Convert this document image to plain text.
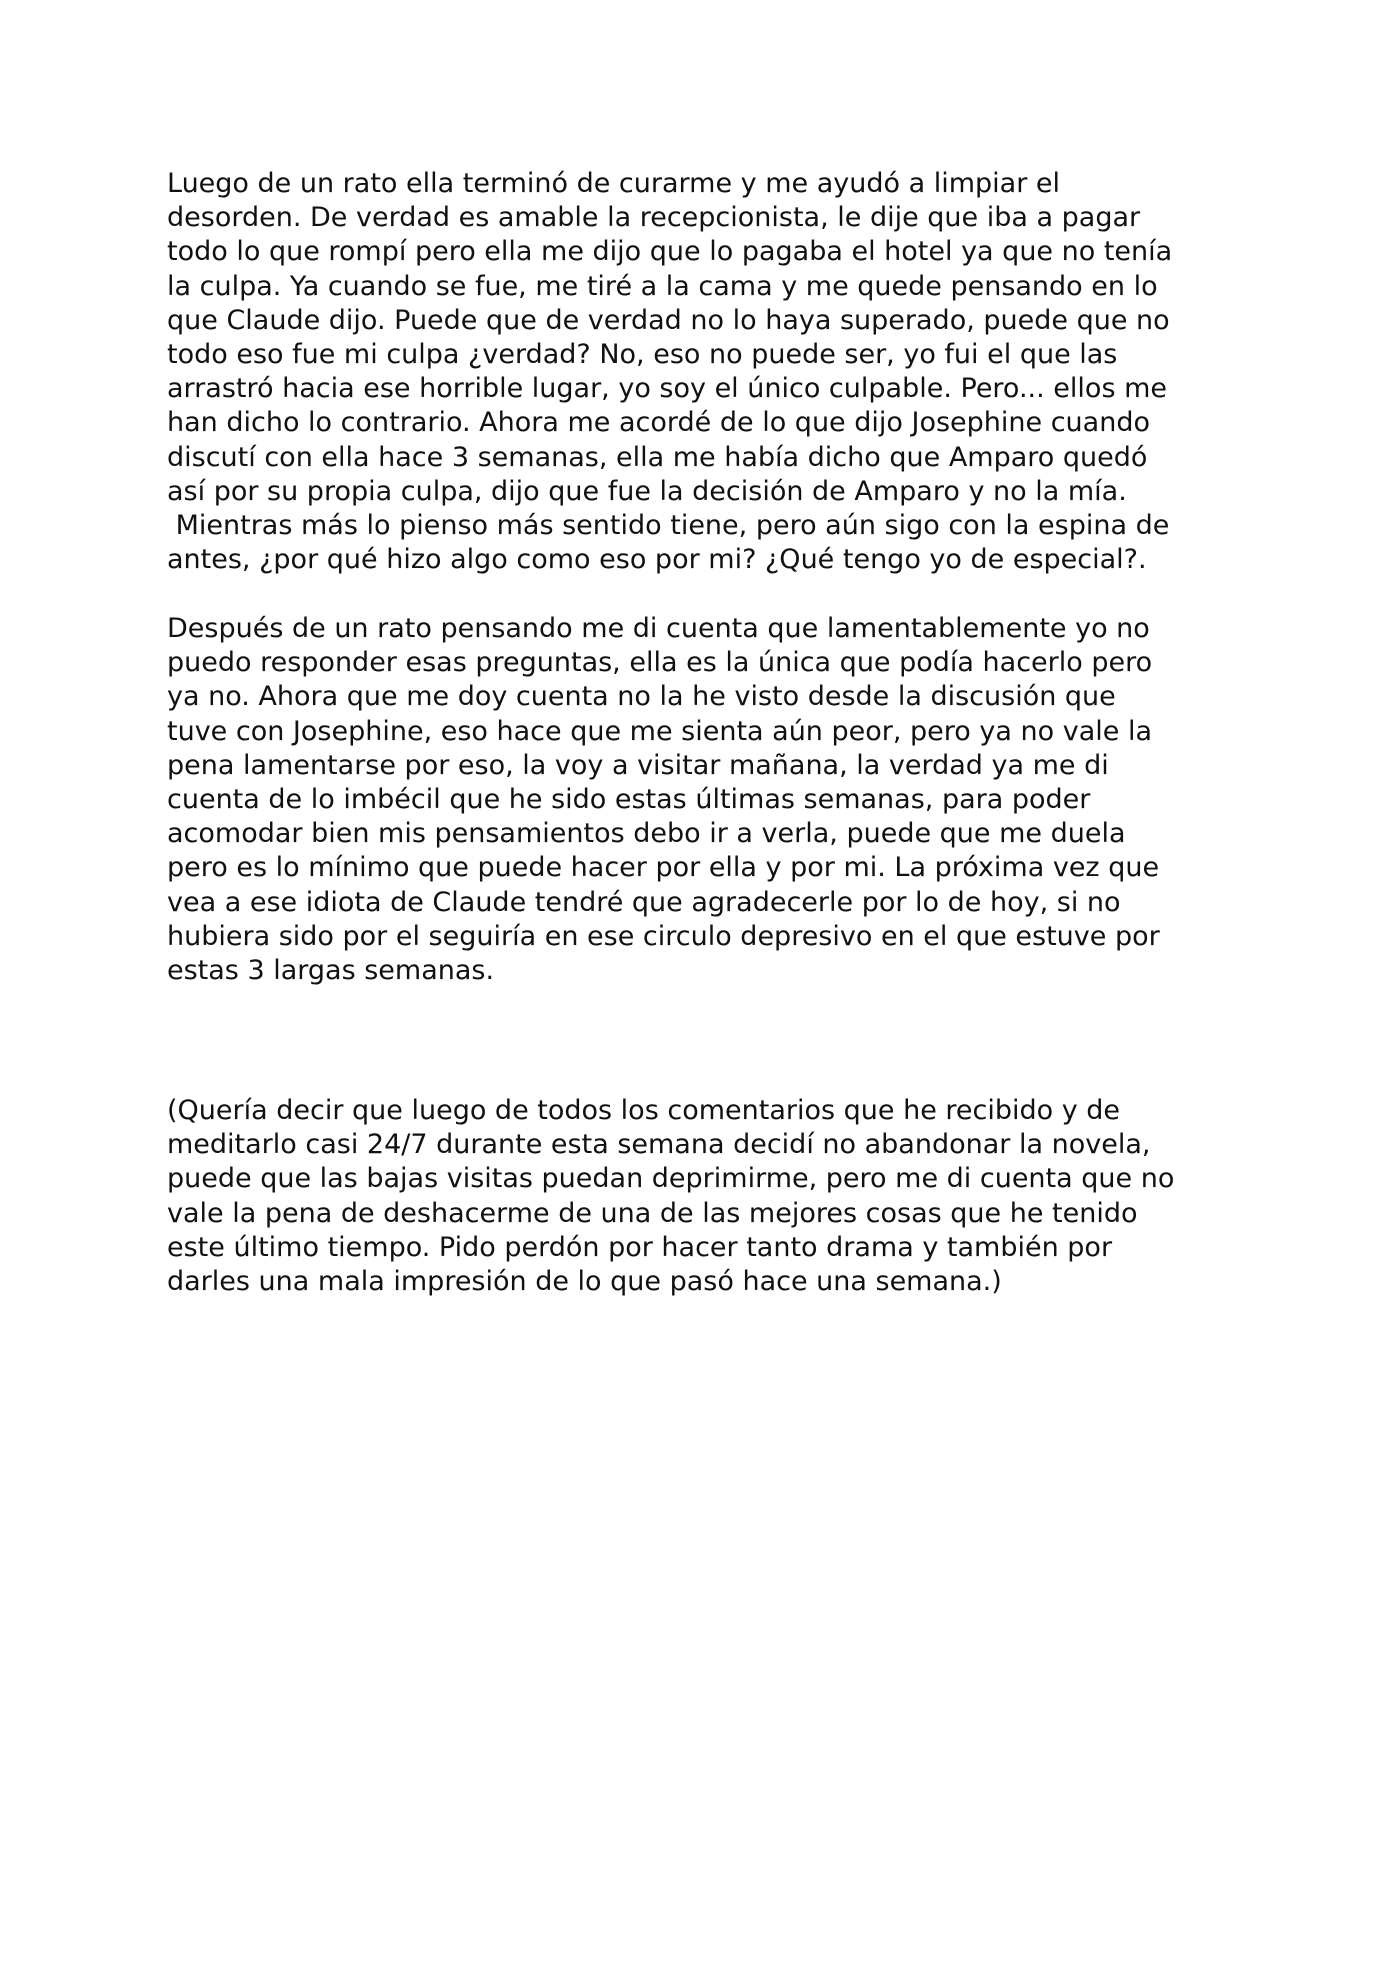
Luego de un rato ella terminó de curarme y me ayudó a limpiar el
desorden. De verdad es amable la recepcionista, le dije que iba a pagar
todo lo que rompí pero ella me dijo que lo pagaba el hotel ya que no tenía
la culpa. Ya cuando se fue, me tiré a la cama y me quede pensando en lo
que Claude dijo. Puede que de verdad no lo haya superado, puede que no
todo eso fue mi culpa ¿verdad? No, eso no puede ser, yo fui el que las
arrastró hacia ese horrible lugar, yo soy el único culpable. Pero... ellos me
han dicho lo contrario. Ahora me acordé de lo que dijo Josephine cuando
discutí con ella hace 3 semanas, ella me había dicho que Amparo quedó
así por su propia culpa, dijo que fue la decisión de Amparo y no la mía.
Mientras más lo pienso más sentido tiene, pero aún sigo con la espina de
antes, ¿por qué hizo algo como eso por mi? ¿Qué tengo yo de especial?.
Después de un rato pensando me di cuenta que lamentablemente yo no
puedo responder esas preguntas, ella es la única que podía hacerlo pero
ya no. Ahora que me doy cuenta no la he visto desde la discusión que
tuve con Josephine, eso hace que me sienta aún peor, pero ya no vale la
pena lamentarse por eso, la voy a visitar mañana, la verdad ya me di
cuenta de lo imbécil que he sido estas últimas semanas, para poder
acomodar bien mis pensamientos debo ir a verla, puede que me duela
pero es lo mínimo que puede hacer por ella y por mi. La próxima vez que
vea a ese idiota de Claude tendré que agradecerle por lo de hoy, si no
hubiera sido por el seguiría en ese circulo depresivo en el que estuve por
estas 3 largas semanas.
(Quería decir que luego de todos los comentarios que he recibido y de
meditarlo casi 24/7 durante esta semana decidí no abandonar la novela,
puede que las bajas visitas puedan deprimirme, pero me di cuenta que no
vale la pena de deshacerme de una de las mejores cosas que he tenido
este último tiempo. Pido perdón por hacer tanto drama y también por
darles una mala impresión de lo que pasó hace una semana.)
